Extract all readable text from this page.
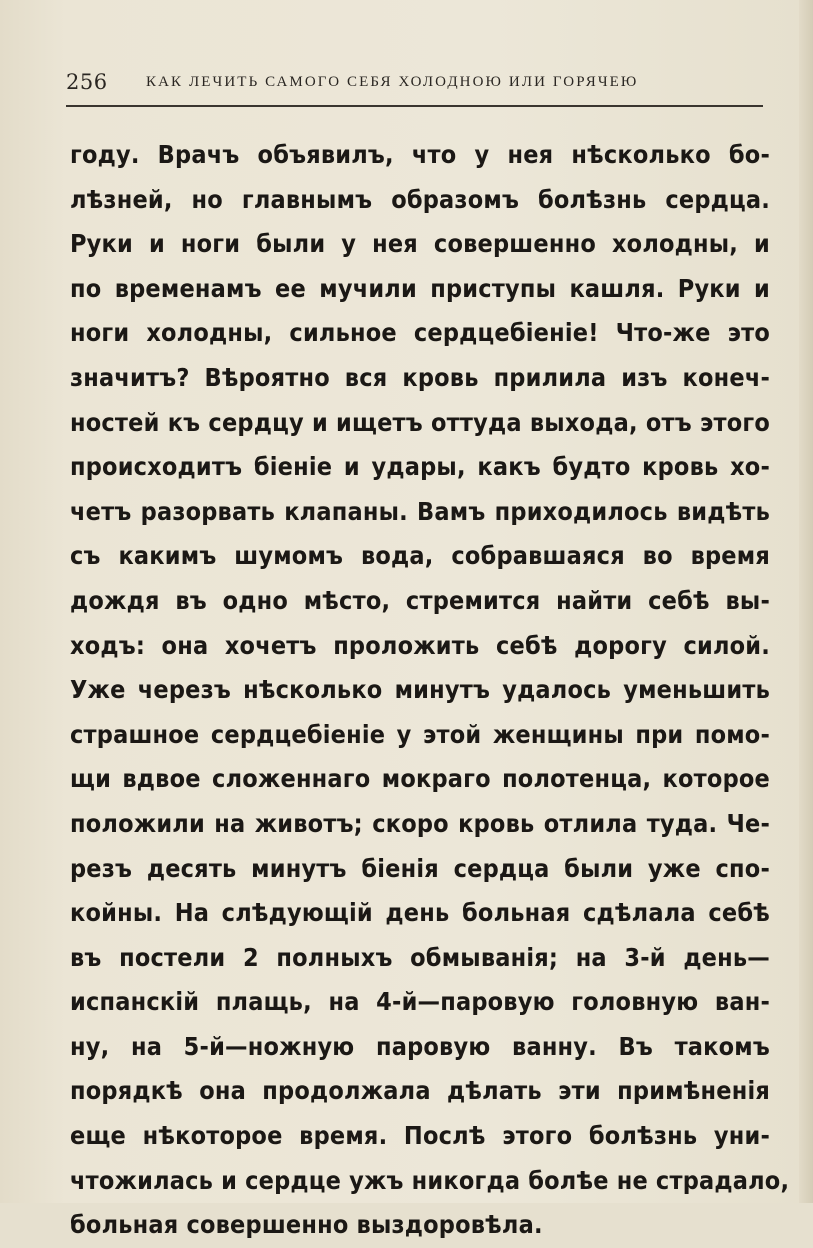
256	КАК ЛЕЧИТЬ САМОГО СЕБЯ ХОЛОДНОЮ ИЛИ ГОРЯЧЕЮ
году. Врачъ объявилъ, что у нея нѣсколько бо-
лѣзней, но главнымъ образомъ болѣзнь сердца.
Руки и ноги были у нея совершенно холодны, и
по временамъ ее мучили приступы кашля. Руки и
ноги холодны, сильное сердцебіеніе! Что-же это
значитъ? Вѣроятно вся кровь прилила изъ конеч-
ностей къ сердцу и ищетъ оттуда выхода, отъ этого
происходитъ біеніе и удары, какъ будто кровь хо-
четъ разорвать клапаны. Вамъ приходилось видѣть
съ какимъ шумомъ вода, собравшаяся во время
дождя въ одно мѣсто, стремится найти себѣ вы-
ходъ: она хочетъ проложить себѣ дорогу силой.
Уже черезъ нѣсколько минутъ удалось уменьшить
страшное сердцебіеніе у этой женщины при помо-
щи вдвое сложеннаго мокраго полотенца, которое
положили на животъ; скоро кровь отлила туда. Че-
резъ десять минутъ біенія сердца были уже спо-
койны. На слѣдующій день больная сдѣлала себѣ
въ постели 2 полныхъ обмыванія; на 3-й день—
испанскій плащь, на 4-й—паровую головную ван-
ну, на 5-й—ножную паровую ванну. Въ такомъ
порядкѣ она продолжала дѣлать эти примѣненія
еще нѣкоторое время. Послѣ этого болѣзнь уни-
чтожилась и сердце ужъ никогда болѣе не страдало,
больная совершенно выздоровѣла.
